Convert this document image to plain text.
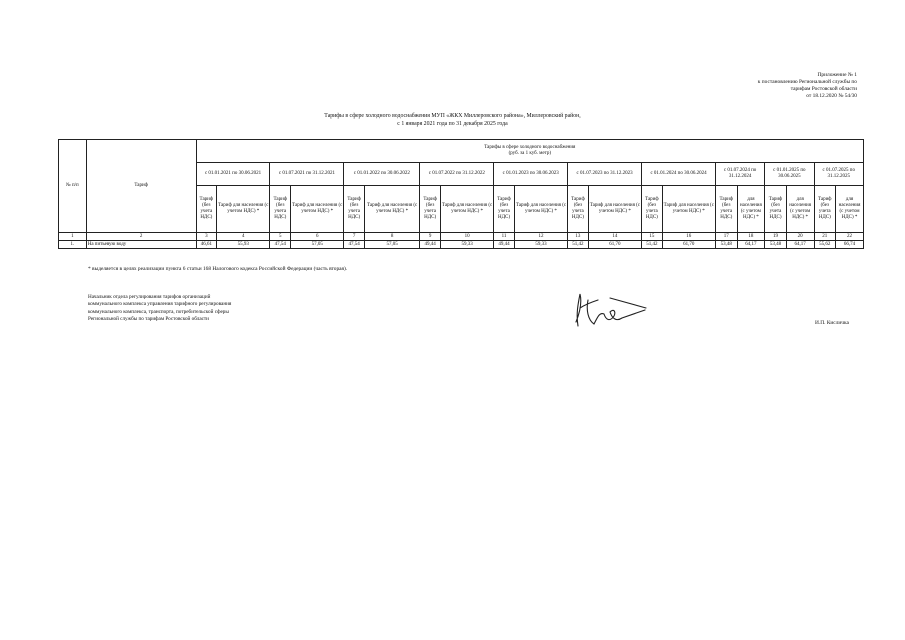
Приложение № 1
к постановлению Региональной службы по
тарифам Ростовской области
от 18.12.2020 № 54/30
Тарифы в сфере холодного водоснабжения МУП «ЖКХ Миллеровского района», Миллеровский район,
с 1 января 2021 года по 31 декабря 2025 года
№ п/п	Тариф	Тарифы в сфере холодного водоснабжения
(руб. за 1 куб. метр)																			

		с 01.01.2021 по 30.06.2021		с 01.07.2021 по 31.12.2021		с 01.01.2022 по 30.06.2022		с 01.07.2022 по 31.12.2022		с 01.01.2023 по 30.06.2023		с 01.07.2023 по 31.12.2023		с 01.01.2024 по 30.06.2024		с 01.07.2024 по 31.12.2024		с 01.01.2025 по 30.06.2025		с 01.07.2025 по 31.12.2025	
		Тариф (без учета НДС)	Тариф для населения (с учетом НДС) *	Тариф (без учета НДС)	Тариф для населения (с учетом НДС) *	Тариф (без учета НДС)	Тариф для населения (с учетом НДС) *	Тариф (без учета НДС)	Тариф для населения (с учетом НДС) *	Тариф (без учета НДС)	Тариф для населения (с учетом НДС) *	Тариф (без учета НДС)	Тариф для населения (с учетом НДС) *	Тариф (без учета НДС)	Тариф для населения (с учетом НДС) *	Тариф (без учета НДС)	для населения (с учетом НДС) *	Тариф (без учета НДС)	для населения (с учетом НДС) *	Тариф (без учета НДС)	для населения (с учетом НДС) *
1	2	3	4	5	6	7	8	9	10	11	12	13	14	15	16	17	18	19	20	21	22
1.	На питьевую воду	46,61	55,93	47,54	57,05	47,54	57,05	49,44	59,33	49,44	59,33	51,42	61,70	51,42	61,70	53,48	64,17	53,48	64,17	55,62	66,74
* выделяется в целях реализации пункта 6 статьи 168 Налогового кодекса Российской Федерации (часть вторая).
Начальник отдела регулирования тарифов организаций
коммунального комплекса управления тарифного регулирования
коммунального комплекса, транспорта, потребительской сферы
Региональной службы по тарифам Ростовской области
И.П. Кисличка
